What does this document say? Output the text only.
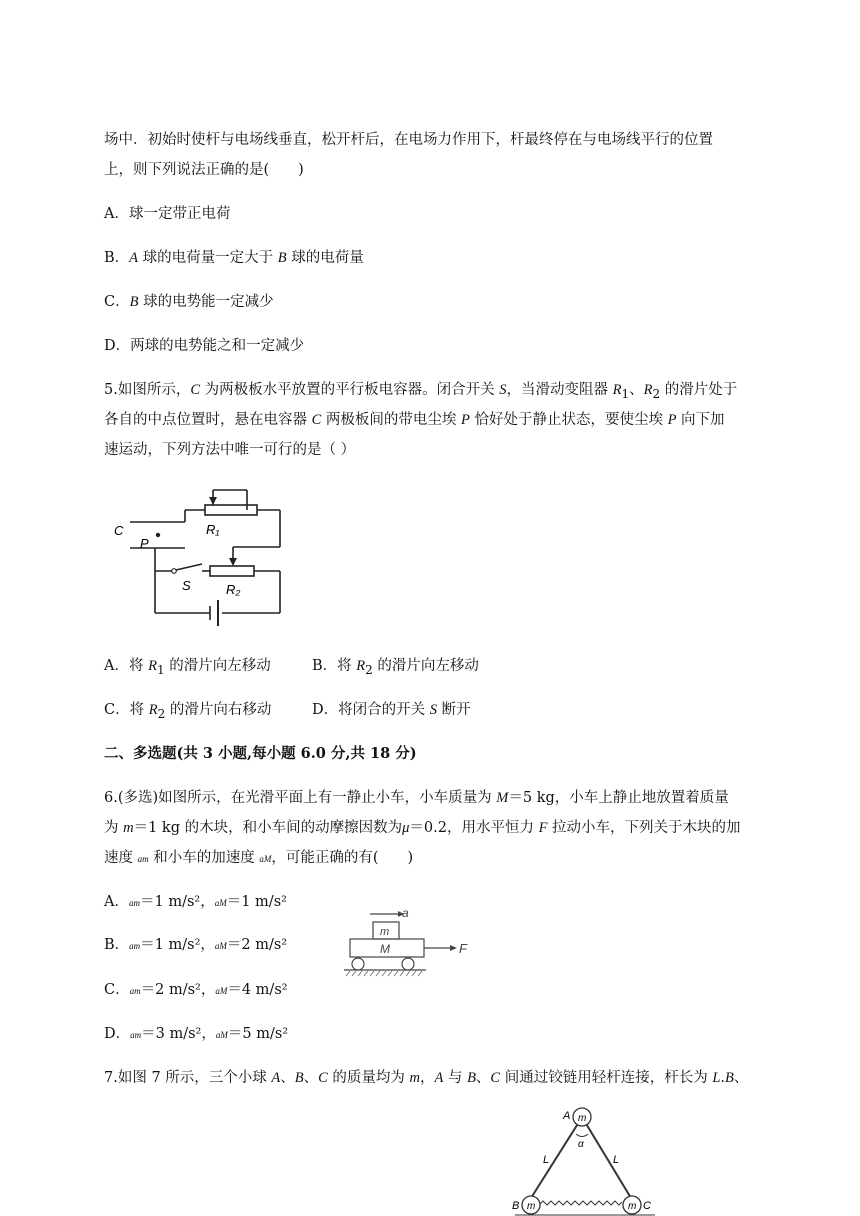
场中．初始时使杆与电场线垂直，松开杆后，在电场力作用下，杆最终停在与电场线平行的位置
上，则下列说法正确的是(　　)
A．球一定带正电荷
B．A 球的电荷量一定大于 B 球的电荷量
C．B 球的电势能一定减少
D．两球的电势能之和一定减少
5.如图所示，C 为两极板水平放置的平行板电容器。闭合开关 S，当滑动变阻器 $R_1$、$R_2$ 的滑片处于
各自的中点位置时，悬在电容器 C 两极板间的带电尘埃 P 恰好处于静止状态，要使尘埃 P 向下加
速运动，下列方法中唯一可行的是（ ）
C
P
R₁
R₂
S
A．将 $R_1$ 的滑片向左移动	B．将 $R_2$ 的滑片向左移动
C．将 $R_2$ 的滑片向右移动	D．将闭合的开关 S 断开
二、多选题(共 3 小题,每小题 6.0 分,共 18 分)
6.(多选)如图所示，在光滑平面上有一静止小车，小车质量为 M＝5 kg，小车上静止地放置着质量
为 m＝1 kg 的木块，和小车间的动摩擦因数为μ＝0.2，用水平恒力 F 拉动小车，下列关于木块的加
速度 am 和小车的加速度 aM，可能正确的有(　　)
A．am＝1 m/s²，aM＝1 m/s²
B．am＝1 m/s²，aM＝2 m/s²
C．am＝2 m/s²，aM＝4 m/s²
D．am＝3 m/s²，aM＝5 m/s²
a
m
M	F
7.如图 7 所示，三个小球 A、B、C 的质量均为 m，A 与 B、C 间通过铰链用轻杆连接，杆长为 L.B、
m
m	m
A
B	C
L	L
α
